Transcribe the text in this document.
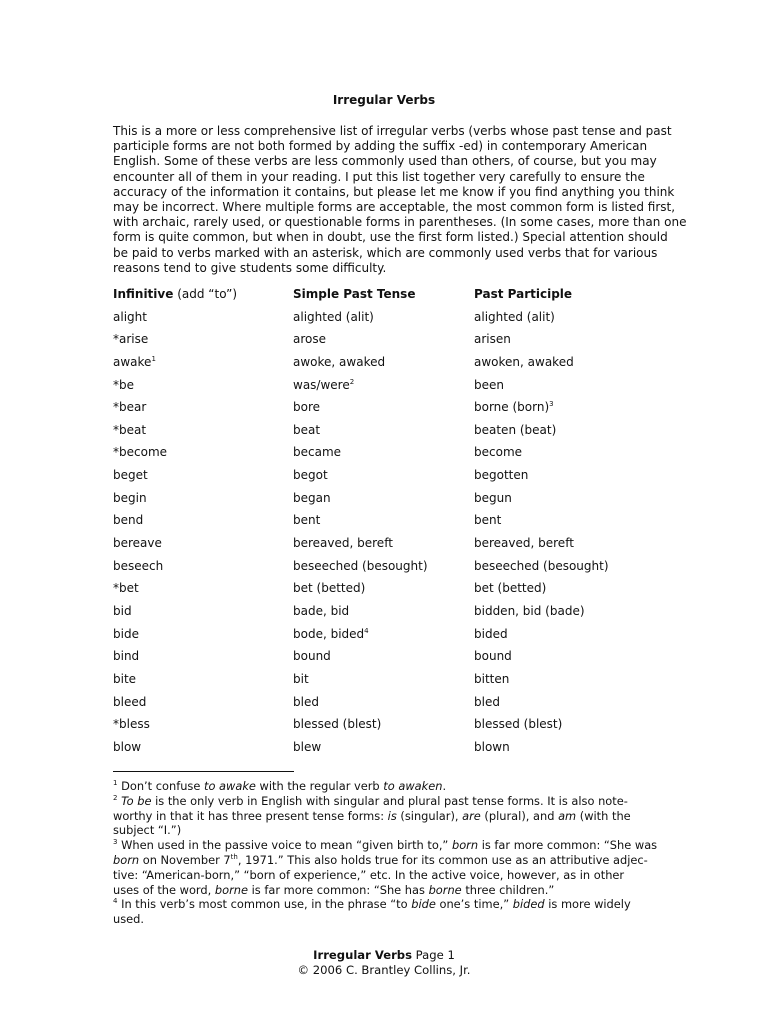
Irregular Verbs
This is a more or less comprehensive list of irregular verbs (verbs whose past tense and past
participle forms are not both formed by adding the suffix -ed) in contemporary American
English. Some of these verbs are less commonly used than others, of course, but you may
encounter all of them in your reading. I put this list together very carefully to ensure the
accuracy of the information it contains, but please let me know if you find anything you think
may be incorrect. Where multiple forms are acceptable, the most common form is listed first,
with archaic, rarely used, or questionable forms in parentheses. (In some cases, more than one
form is quite common, but when in doubt, use the first form listed.) Special attention should
be paid to verbs marked with an asterisk, which are commonly used verbs that for various
reasons tend to give students some difficulty.
Infinitive (add “to”)	Simple Past Tense	Past Participle
alight	alighted (alit)	alighted (alit)
*arise	arose	arisen
awake$^1$	awoke, awaked	awoken, awaked
*be	was/were$^2$	been
*bear	bore	borne (born)$^3$
*beat	beat	beaten (beat)
*become	became	become
beget	begot	begotten
begin	began	begun
bend	bent	bent
bereave	bereaved, bereft	bereaved, bereft
beseech	beseeched (besought)	beseeched (besought)
*bet	bet (betted)	bet (betted)
bid	bade, bid	bidden, bid (bade)
bide	bode, bided$^4$	bided
bind	bound	bound
bite	bit	bitten
bleed	bled	bled
*bless	blessed (blest)	blessed (blest)
blow	blew	blown
$^1$ Don’t confuse to awake with the regular verb to awaken.
$^2$ To be is the only verb in English with singular and plural past tense forms. It is also note-
worthy in that it has three present tense forms: is (singular), are (plural), and am (with the
subject “I.”)
$^3$ When used in the passive voice to mean “given birth to,” born is far more common: “She was
born on November 7th, 1971.” This also holds true for its common use as an attributive adjec-
tive: “American-born,” “born of experience,” etc. In the active voice, however, as in other
uses of the word, borne is far more common: “She has borne three children.”
$^4$ In this verb’s most common use, in the phrase “to bide one’s time,” bided is more widely
used.
Irregular Verbs Page 1
© 2006 C. Brantley Collins, Jr.
